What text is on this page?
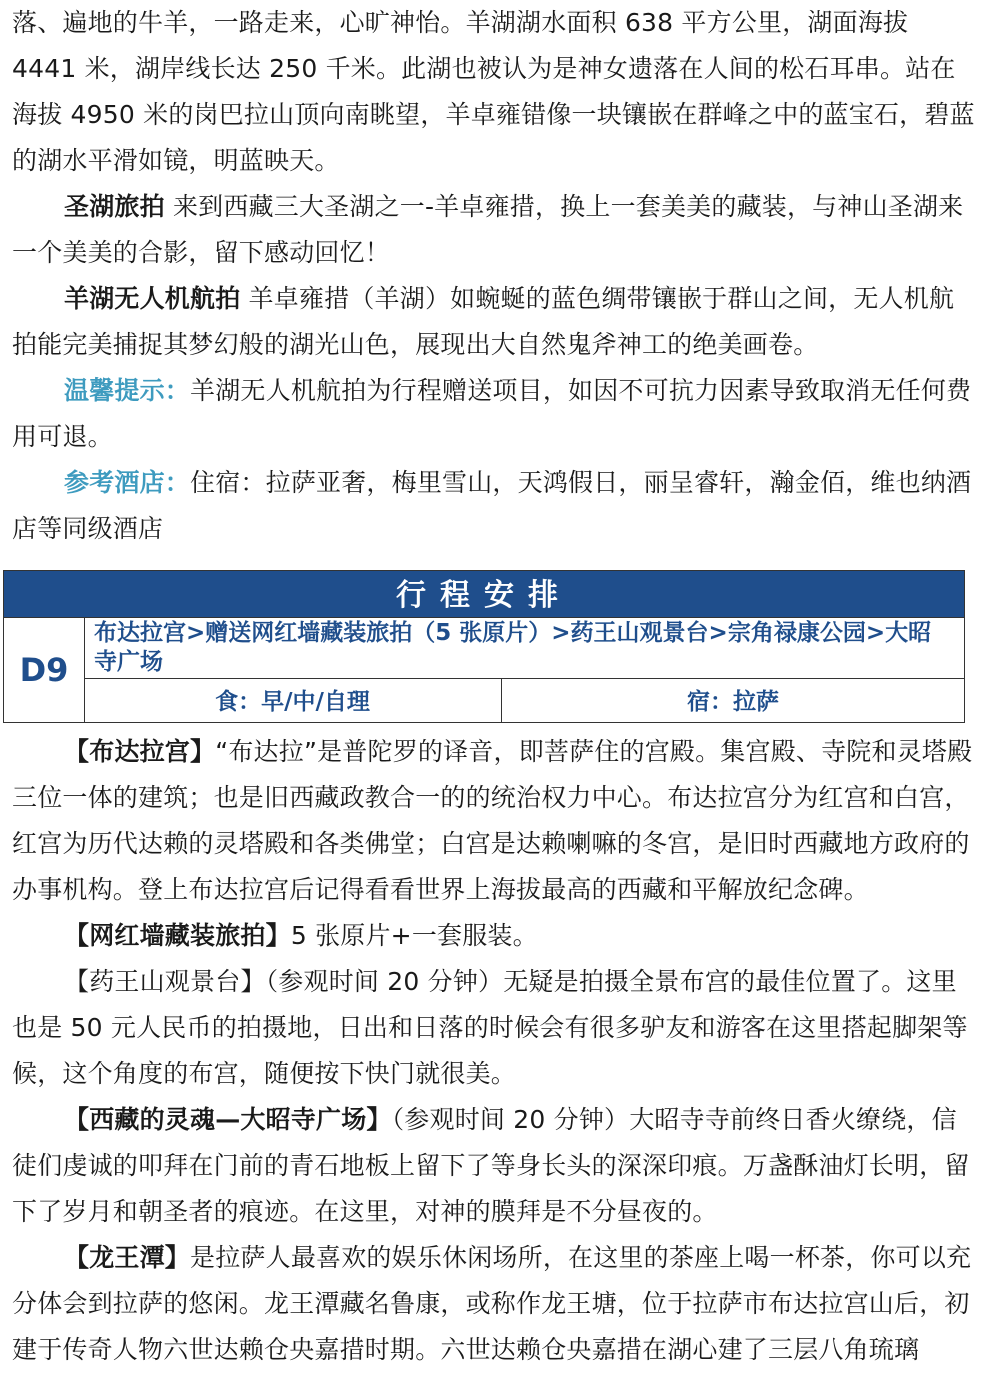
落、遍地的牛羊，一路走来，心旷神怡。羊湖湖水面积 638 平方公里，湖面海拔 4441 米，湖岸线长达 250 千米。此湖也被认为是神女遗落在人间的松石耳串。站在海拔 4950 米的岗巴拉山顶向南眺望，羊卓雍错像一块镶嵌在群峰之中的蓝宝石，碧蓝的湖水平滑如镜，明蓝映天。

圣湖旅拍 来到西藏三大圣湖之一-羊卓雍措，换上一套美美的藏装，与神山圣湖来一个美美的合影，留下感动回忆！

羊湖无人机航拍 羊卓雍措（羊湖）如蜿蜒的蓝色绸带镶嵌于群山之间，无人机航拍能完美捕捉其梦幻般的湖光山色，展现出大自然鬼斧神工的绝美画卷。

温馨提示：羊湖无人机航拍为行程赠送项目，如因不可抗力因素导致取消无任何费用可退。

参考酒店：住宿：拉萨亚奢，梅里雪山，天鸿假日，丽呈睿轩，瀚金佰，维也纳酒店等同级酒店

行程安排
D9
布达拉宫>赠送网红墙藏装旅拍（5 张原片）>药王山观景台>宗角禄康公园>大昭寺广场
食：早/中/自理	宿：拉萨

【布达拉宫】“布达拉”是普陀罗的译音，即菩萨住的宫殿。集宫殿、寺院和灵塔殿三位一体的建筑；也是旧西藏政教合一的的统治权力中心。布达拉宫分为红宫和白宫，红宫为历代达赖的灵塔殿和各类佛堂；白宫是达赖喇嘛的冬宫，是旧时西藏地方政府的办事机构。登上布达拉宫后记得看看世界上海拔最高的西藏和平解放纪念碑。

【网红墙藏装旅拍】5 张原片+一套服装。

【药王山观景台】（参观时间 20 分钟）无疑是拍摄全景布宫的最佳位置了。这里也是 50 元人民币的拍摄地，日出和日落的时候会有很多驴友和游客在这里搭起脚架等候，这个角度的布宫，随便按下快门就很美。

【西藏的灵魂—大昭寺广场】（参观时间 20 分钟）大昭寺寺前终日香火缭绕，信徒们虔诚的叩拜在门前的青石地板上留下了等身长头的深深印痕。万盏酥油灯长明，留下了岁月和朝圣者的痕迹。在这里，对神的膜拜是不分昼夜的。

【龙王潭】是拉萨人最喜欢的娱乐休闲场所，在这里的茶座上喝一杯茶，你可以充分体会到拉萨的悠闲。龙王潭藏名鲁康，或称作龙王塘，位于拉萨市布达拉宫山后，初建于传奇人物六世达赖仓央嘉措时期。六世达赖仓央嘉措在湖心建了三层八角琉璃
